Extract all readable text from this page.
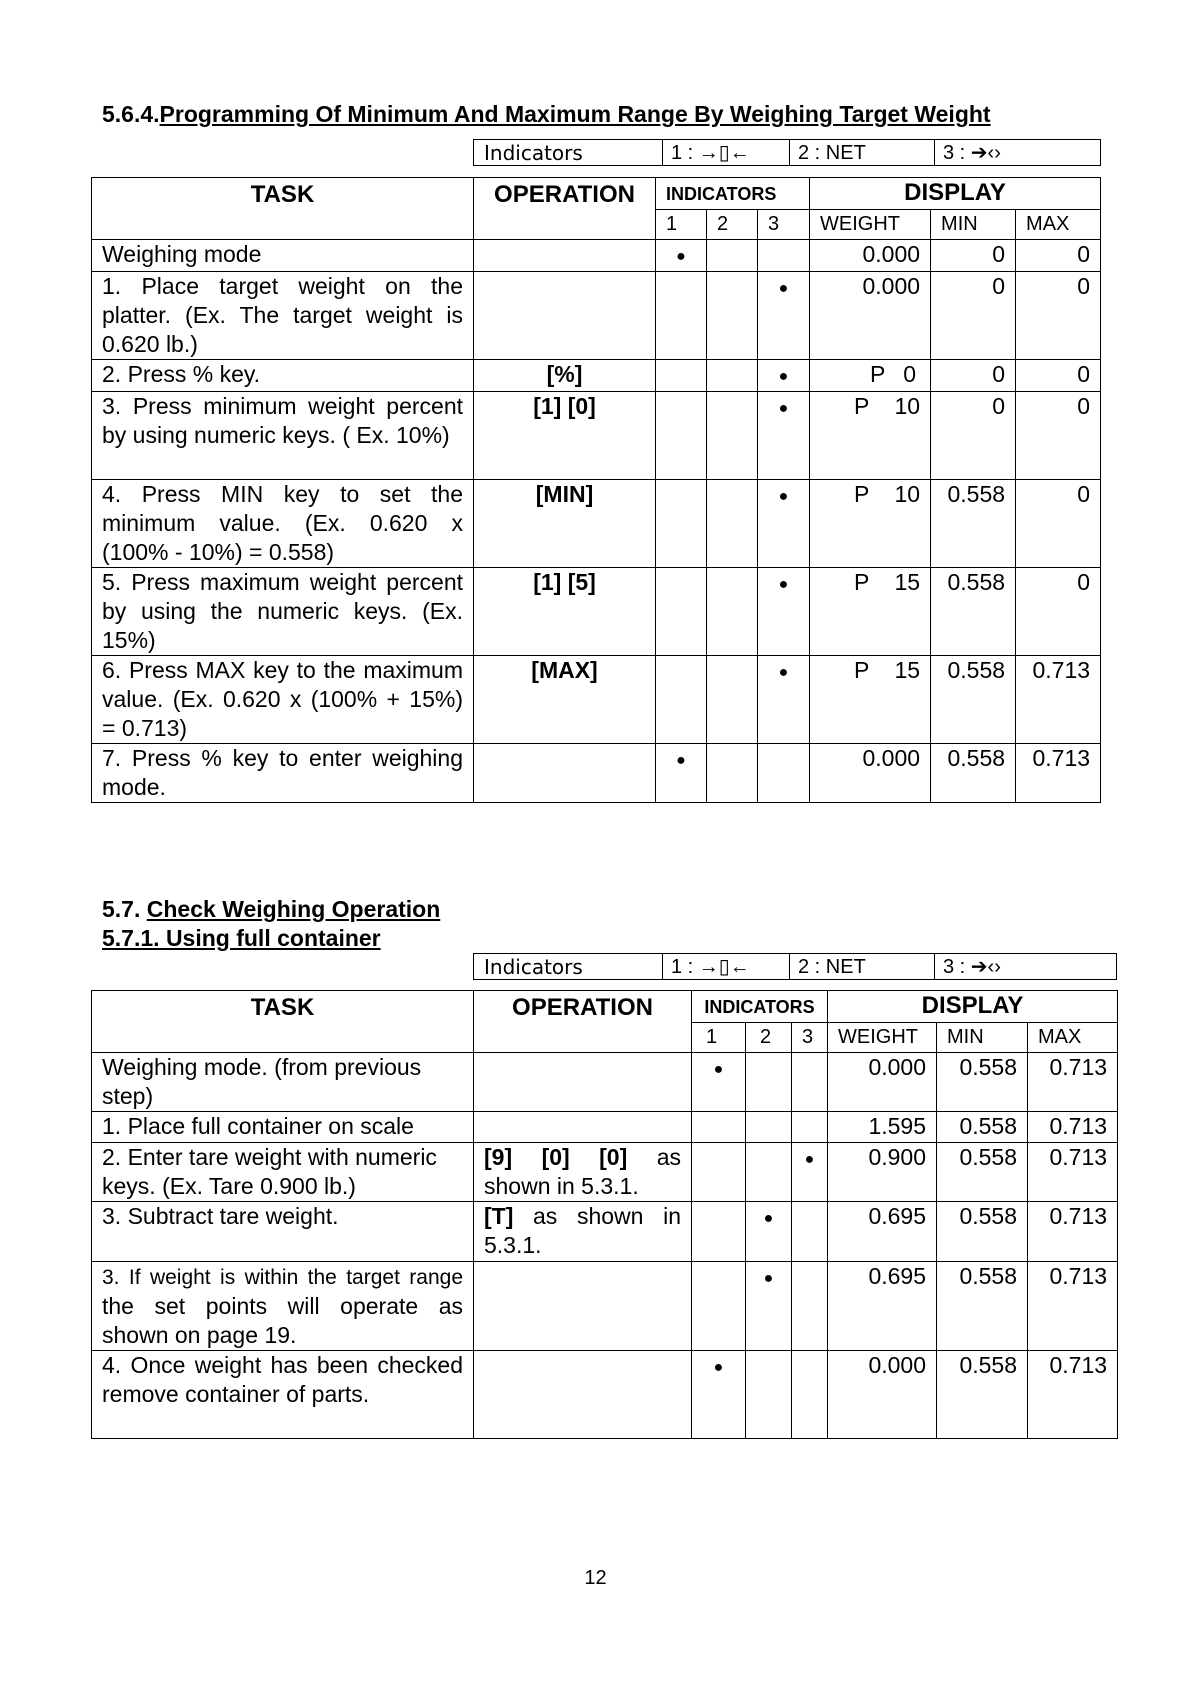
5.6.4.Programming Of Minimum And Maximum Range By Weighing Target Weight
Indicators	1 : →▯←	2 : NET	3 : ➔‹›
TASK	OPERATION	INDICATORS			DISPLAY		
		1	2	3	WEIGHT	MIN	MAX
Weighing mode		●			0.000	0	0
1. Place target weight on the platter. (Ex. The target weight is 0.620 lb.)				●	0.000	0	0
2. Press % key.	[%]			●	P 0	0	0
3. Press minimum weight percent by using numeric keys. ( Ex. 10%)	[1] [0]			●	P 10	0	0
4. Press MIN key to set the minimum value. (Ex. 0.620 x (100% - 10%) = 0.558)	[MIN]			●	P 10	0.558	0
5. Press maximum weight percent by using the numeric keys. (Ex. 15%)	[1] [5]			●	P 15	0.558	0
6. Press MAX key to the maximum value. (Ex. 0.620 x (100% + 15%) = 0.713)	[MAX]			●	P 15	0.558	0.713
7. Press % key to enter weighing mode.		●			0.000	0.558	0.713
5.7. Check Weighing Operation
5.7.1. Using full container
Indicators	1 : →▯←	2 : NET	3 : ➔‹›
TASK	OPERATION	INDICATORS			DISPLAY		
		1	2	3	WEIGHT	MIN	MAX
Weighing mode. (from previous step)		●			0.000	0.558	0.713
1. Place full container on scale					1.595	0.558	0.713
2. Enter tare weight with numeric keys. (Ex. Tare 0.900 lb.)	[9] [0] [0] as shown in 5.3.1.			●	0.900	0.558	0.713
3. Subtract tare weight.	[T] as shown in 5.3.1.		●		0.695	0.558	0.713
3. If weight is within the target range the set points will operate as shown on page 19.			●		0.695	0.558	0.713
4. Once weight has been checked remove container of parts.		●			0.000	0.558	0.713
12
